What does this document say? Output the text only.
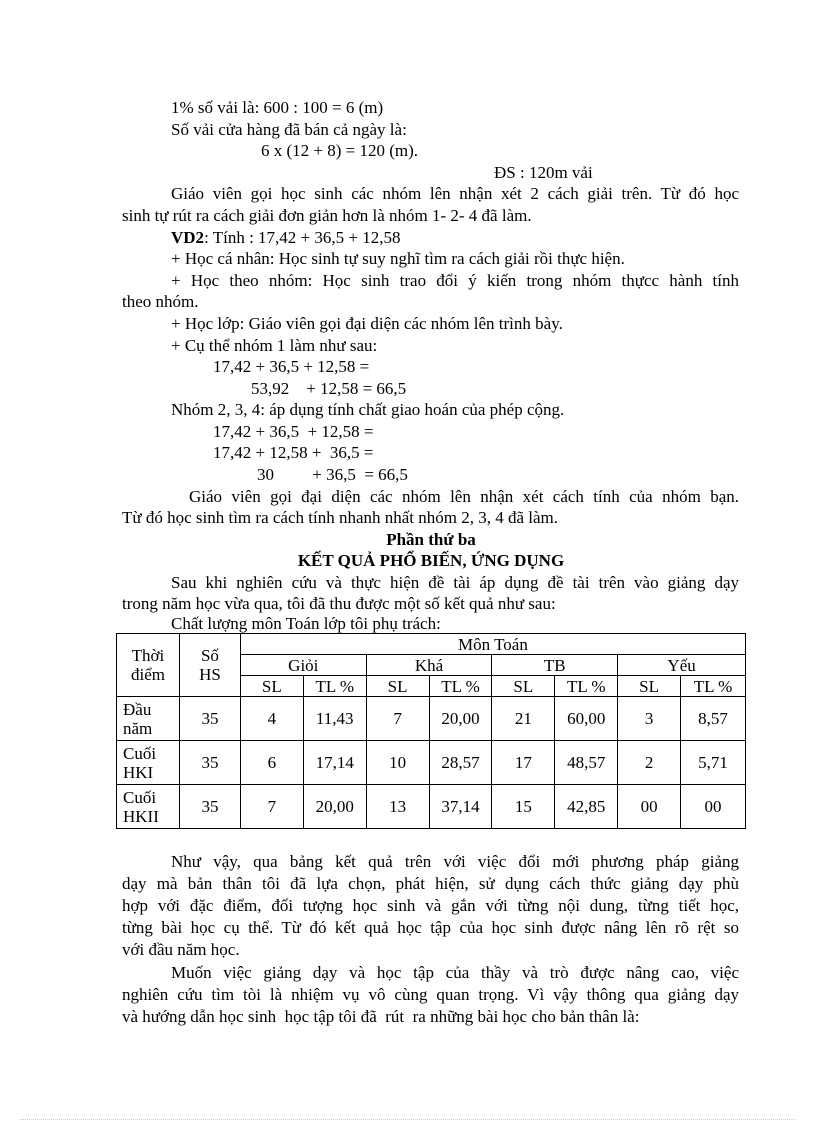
1% số vải là: 600 : 100 = 6 (m)
Số vải cửa hàng đã bán cả ngày là:
6 x (12 + 8) = 120 (m).
ĐS : 120m vải
Giáo viên gọi học sinh các nhóm lên nhận xét 2 cách giải trên. Từ đó học
sinh tự rút ra cách giải đơn giản hơn là nhóm 1- 2- 4 đã làm.
VD2: Tính : 17,42 + 36,5 + 12,58
+ Học cá nhân: Học sinh tự suy nghĩ tìm ra cách giải rồi thực hiện.
+ Học theo nhóm: Học sinh trao đổi ý kiến trong nhóm thựcc hành tính
theo nhóm.
+ Học lớp: Giáo viên gọi đại diện các nhóm lên trình bày.
+ Cụ thể nhóm 1 làm như sau:
17,42 + 36,5 + 12,58 =
53,92    + 12,58 = 66,5
Nhóm 2, 3, 4: áp dụng tính chất giao hoán của phép cộng.
17,42 + 36,5  + 12,58 =
17,42 + 12,58 +  36,5 =
30         + 36,5  = 66,5
Giáo viên gọi đại diện các nhóm lên nhận xét cách tính của nhóm bạn.
Từ đó học sinh tìm ra cách tính nhanh nhất nhóm 2, 3, 4 đã làm.
Phần thứ ba
KẾT QUẢ PHỔ BIẾN, ỨNG DỤNG
Sau khi nghiên cứu và thực hiện đề tài áp dụng đề tài trên vào giảng dạy
trong năm học vừa qua, tôi đã thu được một số kết quả như sau:
Chất lượng môn Toán lớp tôi phụ trách:
Thời điểm	Số HS	Môn Toán							
		Giỏi		Khá		TB		Yếu	
		SL	TL %	SL	TL %	SL	TL %	SL	TL %
Đầu năm	35	4	11,43	7	20,00	21	60,00	3	8,57
Cuối HKI	35	6	17,14	10	28,57	17	48,57	2	5,71
Cuối HKII	35	7	20,00	13	37,14	15	42,85	00	00
Như vậy, qua bảng kết quả trên với việc đổi mới phương pháp giảng
dạy mà bản thân tôi đã lựa chọn, phát hiện, sử dụng cách thức giảng dạy phù
hợp với đặc điểm, đối tượng học sinh và gắn với từng nội dung, từng tiết học,
từng bài học cụ thể. Từ đó kết quả học tập của học sinh được nâng lên rõ rệt so
với đầu năm học.
Muốn việc giảng dạy và học tập của thầy và trò được nâng cao, việc
nghiên cứu tìm tòi là nhiệm vụ vô cùng quan trọng. Vì vậy thông qua giảng dạy
và hướng dẫn học sinh  học tập tôi đã  rút  ra những bài học cho bản thân là:
